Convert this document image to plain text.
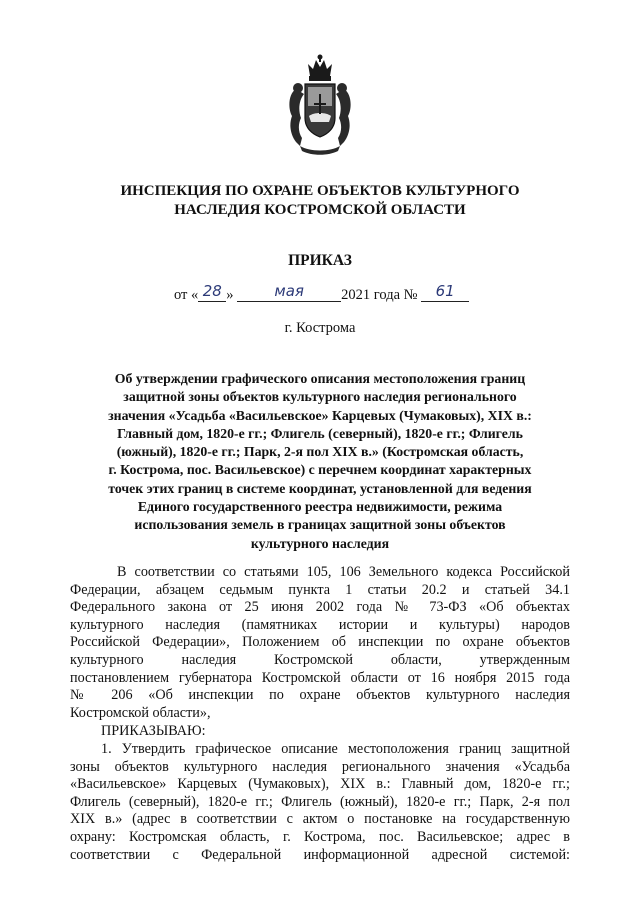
ИНСПЕКЦИЯ ПО ОХРАНЕ ОБЪЕКТОВ КУЛЬТУРНОГО
НАСЛЕДИЯ КОСТРОМСКОЙ ОБЛАСТИ
ПРИКАЗ
от « 28 »	мая	2021 года № 61
г. Кострома
Об утверждении графического описания местоположения границ
защитной зоны объектов культурного наследия регионального
значения «Усадьба «Васильевское» Карцевых (Чумаковых), XIX в.:
Главный дом, 1820-е гг.; Флигель (северный), 1820-е гг.; Флигель
(южный), 1820-е гг.; Парк, 2-я пол XIX в.» (Костромская область,
г. Кострома, пос. Васильевское) с перечнем координат характерных
точек этих границ в системе координат, установленной для ведения
Единого государственного реестра недвижимости, режима
использования земель в границах защитной зоны объектов
культурного наследия
В соответствии со статьями 105, 106 Земельного кодекса Российской
Федерации, абзацем седьмым пункта 1 статьи 20.2 и статьей 34.1
Федерального закона от 25 июня 2002 года № 73-ФЗ «Об объектах
культурного наследия (памятниках истории и культуры) народов
Российской Федерации», Положением об инспекции по охране объектов
культурного наследия Костромской области, утвержденным
постановлением губернатора Костромской области от 16 ноября 2015 года
№ 206 «Об инспекции по охране объектов культурного наследия
Костромской области»,
ПРИКАЗЫВАЮ:
1. Утвердить графическое описание местоположения границ защитной
зоны объектов культурного наследия регионального значения «Усадьба
«Васильевское» Карцевых (Чумаковых), XIX в.: Главный дом, 1820-е гг.;
Флигель (северный), 1820-е гг.; Флигель (южный), 1820-е гг.; Парк, 2-я пол
XIX в.» (адрес в соответствии с актом о постановке на государственную
охрану: Костромская область, г. Кострома, пос. Васильевское; адрес в
соответствии с Федеральной информационной адресной системой:
